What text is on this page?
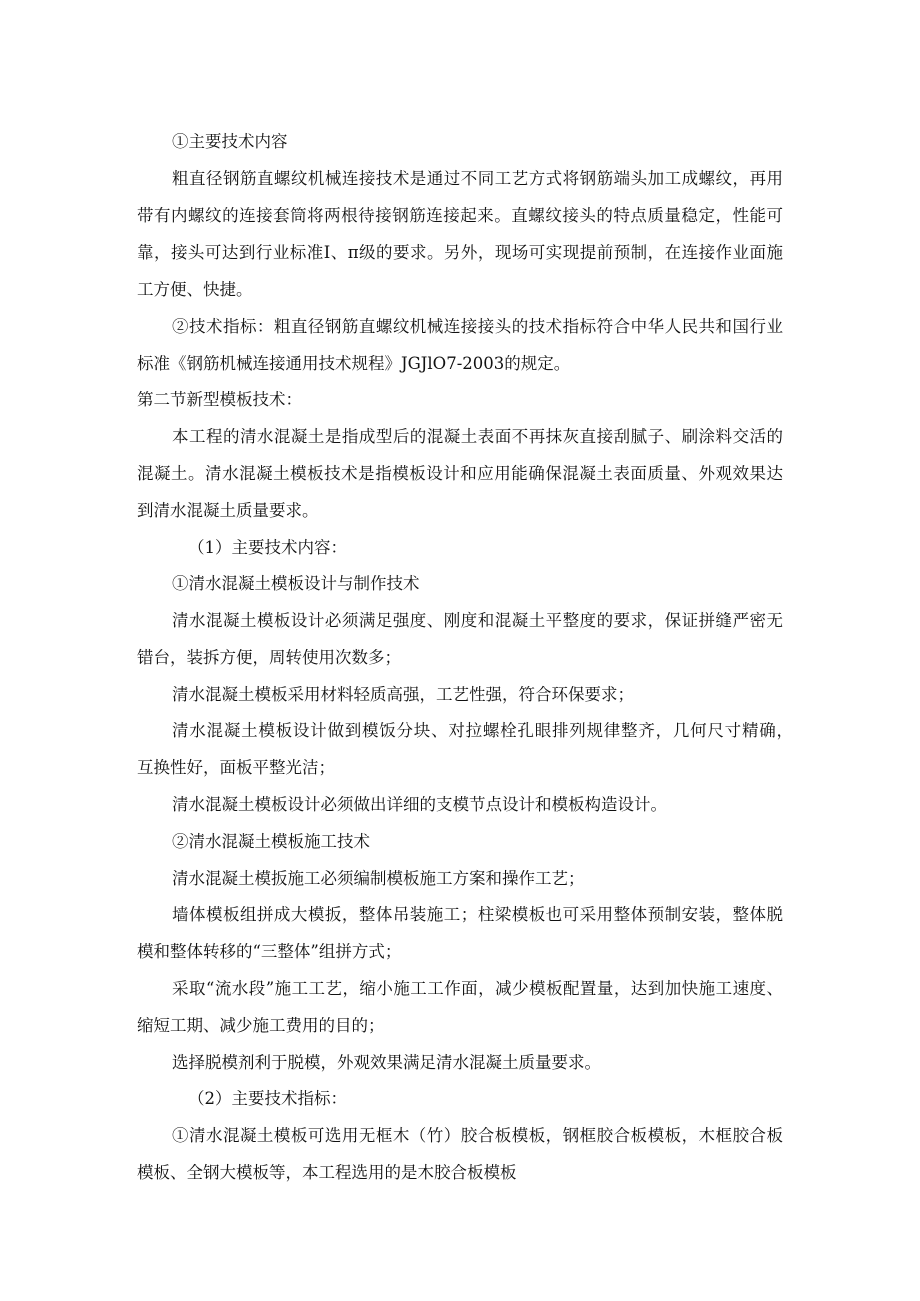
①主要技术内容
粗直径钢筋直螺纹机械连接技术是通过不同工艺方式将钢筋端头加工成螺纹，再用
带有内螺纹的连接套筒将两根待接钢筋连接起来。直螺纹接头的特点质量稳定，性能可
靠，接头可达到行业标准I、π级的要求。另外，现场可实现提前预制，在连接作业面施
工方便、快捷。
②技术指标：粗直径钢筋直螺纹机械连接接头的技术指标符合中华人民共和国行业
标准《钢筋机械连接通用技术规程》JGJlO7-2003的规定。
第二节新型模板技术：
本工程的清水混凝土是指成型后的混凝土表面不再抹灰直接刮腻子、刷涂料交活的
混凝土。清水混凝土模板技术是指模板设计和应用能确保混凝土表面质量、外观效果达
到清水混凝土质量要求。
（1）主要技术内容：
①清水混凝土模板设计与制作技术
清水混凝土模板设计必须满足强度、刚度和混凝土平整度的要求，保证拼缝严密无
错台，装拆方便，周转使用次数多；
清水混凝土模板采用材料轻质高强，工艺性强，符合环保要求；
清水混凝土模板设计做到模饭分块、对拉螺栓孔眼排列规律整齐，几何尺寸精确，
互换性好，面板平整光洁；
清水混凝土模板设计必须做出详细的支模节点设计和模板构造设计。
②清水混凝土模板施工技术
清水混凝土模扳施工必须编制模板施工方案和操作工艺；
墙体模板组拼成大模扳，整体吊装施工；柱梁模板也可采用整体预制安装，整体脱
模和整体转移的“三整体”组拼方式；
采取“流水段”施工工艺，缩小施工工作面，减少模板配置量，达到加快施工速度、
缩短工期、减少施工费用的目的；
选择脱模剂利于脱模，外观效果满足清水混凝土质量要求。
（2）主要技术指标：
①清水混凝土模板可选用无框木（竹）胶合板模板，钢框胶合板模板，木框胶合板
模板、全钢大模板等，本工程选用的是木胶合板模板
